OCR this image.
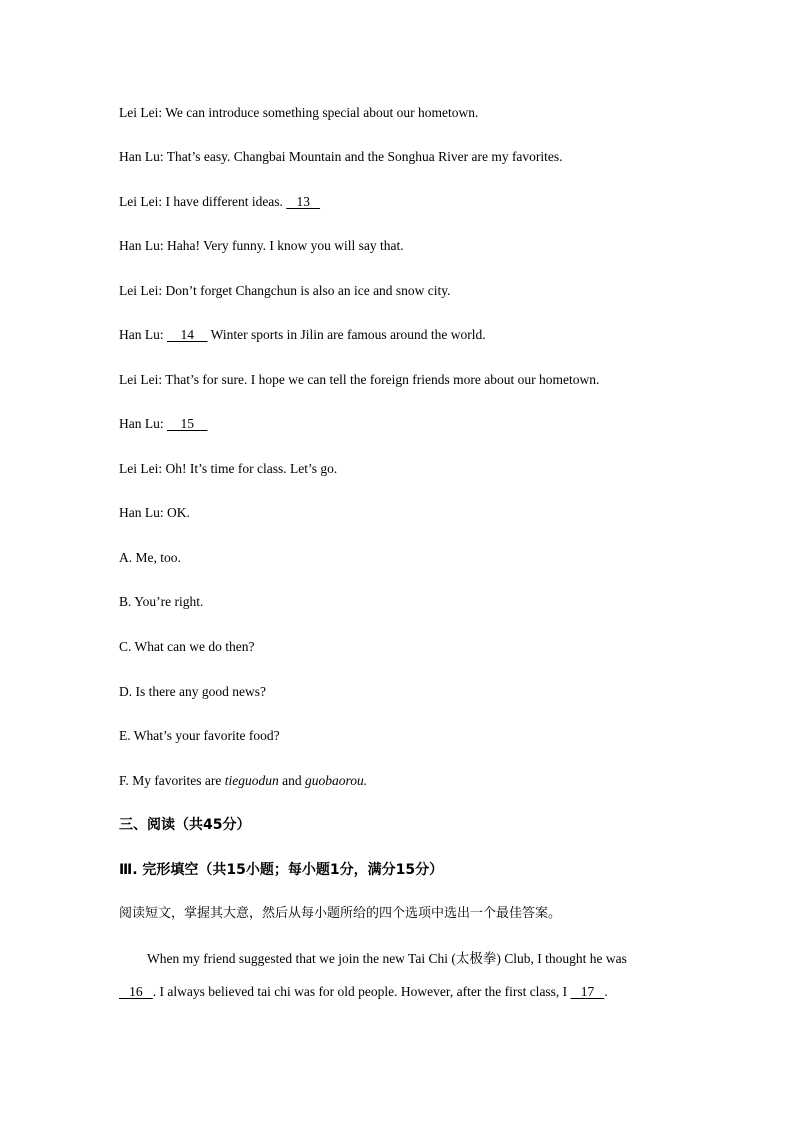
Lei Lei: We can introduce something special about our hometown.
Han Lu: That’s easy. Changbai Mountain and the Songhua River are my favorites.
Lei Lei: I have different ideas. 13
Han Lu: Haha! Very funny. I know you will say that.
Lei Lei: Don’t forget Changchun is also an ice and snow city.
Han Lu: 14 Winter sports in Jilin are famous around the world.
Lei Lei: That’s for sure. I hope we can tell the foreign friends more about our hometown.
Han Lu: 15
Lei Lei: Oh! It’s time for class. Let’s go.
Han Lu: OK.
A. Me, too.
B. You’re right.
C. What can we do then?
D. Is there any good news?
E. What’s your favorite food?
F. My favorites are tieguodun and guobaorou.
三、阅读（共45分）
Ⅲ. 完形填空（共15小题；每小题1分，满分15分）
阅读短文，掌握其大意，然后从每小题所给的四个选项中选出一个最佳答案。
When my friend suggested that we join the new Tai Chi (太极拳) Club, I thought he was
16 . I always believed tai chi was for old people. However, after the first class, I 17 .
